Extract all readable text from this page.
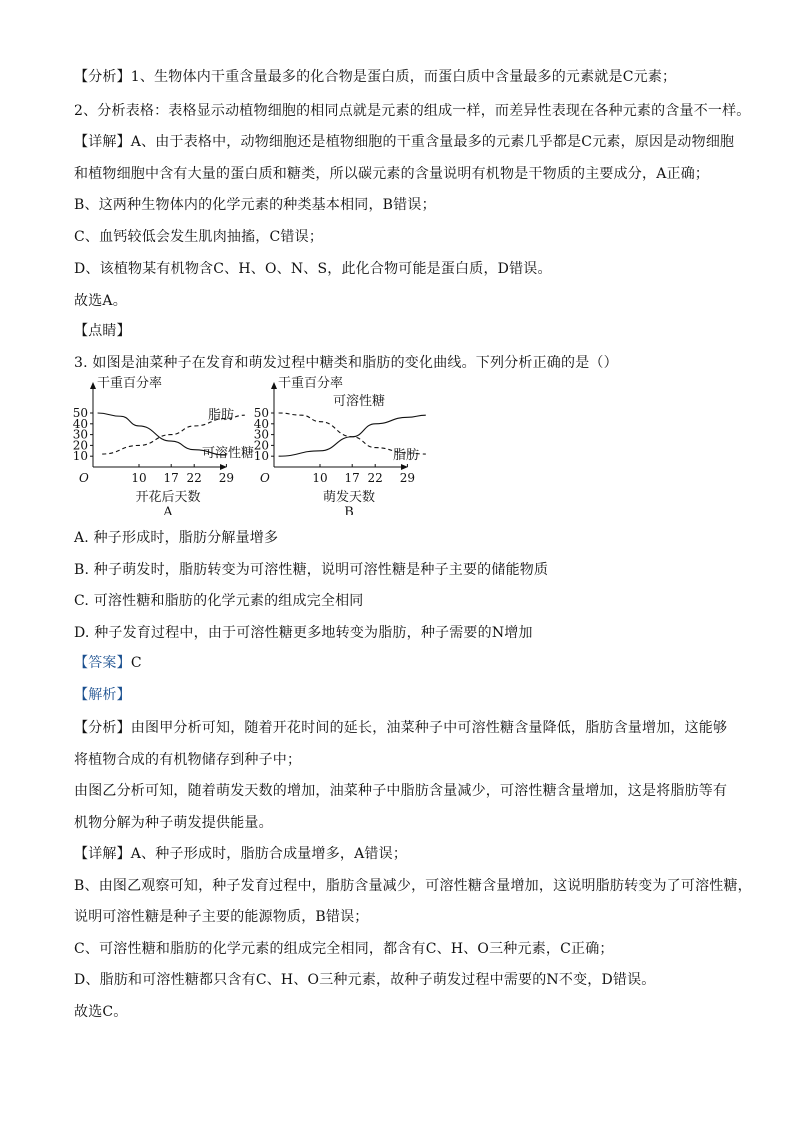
【分析】1、生物体内干重含量最多的化合物是蛋白质，而蛋白质中含量最多的元素就是C元素；
2、分析表格：表格显示动植物细胞的相同点就是元素的组成一样，而差异性表现在各种元素的含量不一样。
【详解】A、由于表格中，动物细胞还是植物细胞的干重含量最多的元素几乎都是C元素，原因是动物细胞
和植物细胞中含有大量的蛋白质和糖类，所以碳元素的含量说明有机物是干物质的主要成分，A正确；
B、这两种生物体内的化学元素的种类基本相同，B错误；
C、血钙较低会发生肌肉抽搐，C错误；
D、该植物某有机物含C、H、O、N、S，此化合物可能是蛋白质，D错误。
故选A。
【点睛】
3. 如图是油菜种子在发育和萌发过程中糖类和脂肪的变化曲线。下列分析正确的是（）
干重百分率
10
20
30
40
50
10 17 22 29
O
开花后天数
A
脂肪
可溶性糖
干重百分率
10
20
30
40
50
10 17 22 29
O
萌发天数
B
可溶性糖
脂肪
A. 种子形成时，脂肪分解量增多
B. 种子萌发时，脂肪转变为可溶性糖，说明可溶性糖是种子主要的储能物质
C. 可溶性糖和脂肪的化学元素的组成完全相同
D. 种子发育过程中，由于可溶性糖更多地转变为脂肪，种子需要的N增加
【答案】C
【解析】
【分析】由图甲分析可知，随着开花时间的延长，油菜种子中可溶性糖含量降低，脂肪含量增加，这能够
将植物合成的有机物储存到种子中；
由图乙分析可知，随着萌发天数的增加，油菜种子中脂肪含量减少，可溶性糖含量增加，这是将脂肪等有
机物分解为种子萌发提供能量。
【详解】A、种子形成时，脂肪合成量增多，A错误；
B、由图乙观察可知，种子发育过程中，脂肪含量减少，可溶性糖含量增加，这说明脂肪转变为了可溶性糖，
说明可溶性糖是种子主要的能源物质，B错误；
C、可溶性糖和脂肪的化学元素的组成完全相同，都含有C、H、O三种元素，C正确；
D、脂肪和可溶性糖都只含有C、H、O三种元素，故种子萌发过程中需要的N不变，D错误。
故选C。
